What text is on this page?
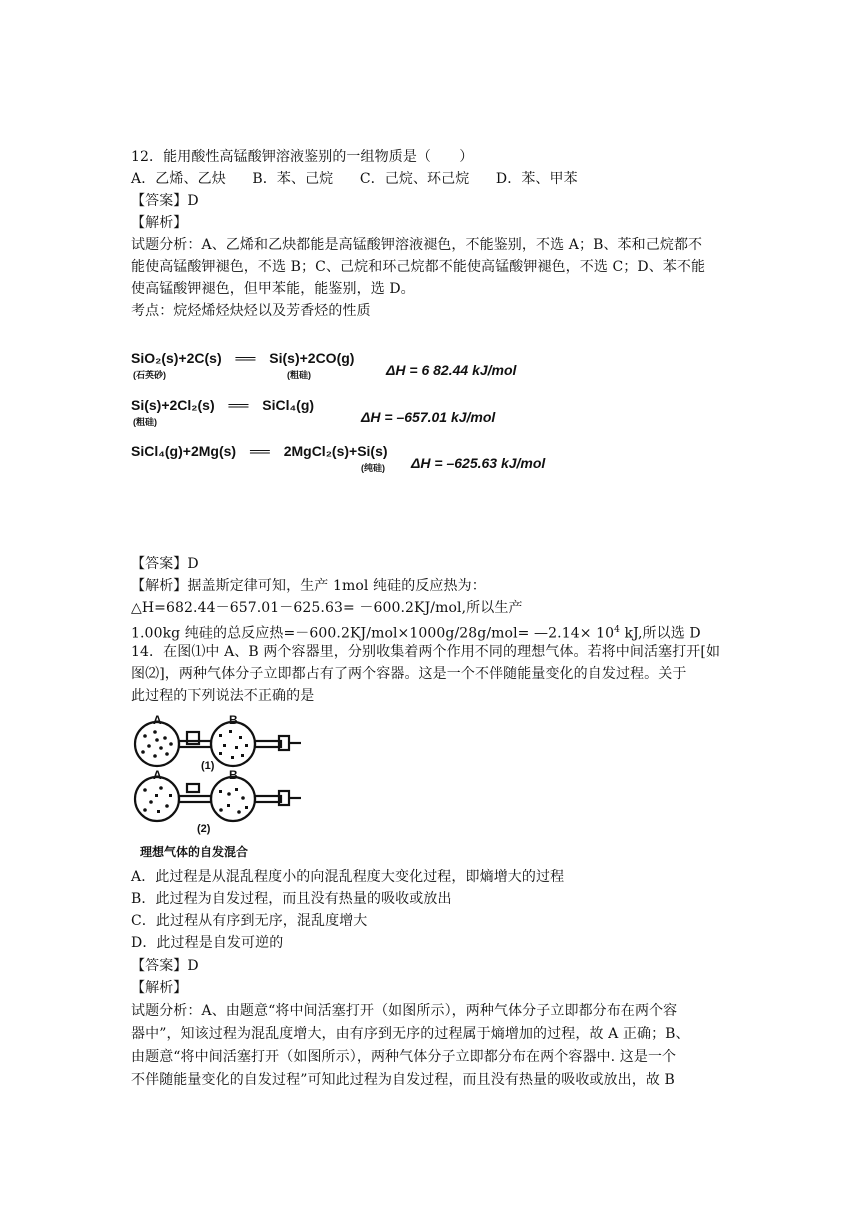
12．能用酸性高锰酸钾溶液鉴别的一组物质是（　　）
A．乙烯、乙炔 B．苯、己烷 C．己烷、环己烷 D．苯、甲苯
【答案】D
【解析】
试题分析：A、乙烯和乙炔都能是高锰酸钾溶液褪色，不能鉴别，不选 A；B、苯和己烷都不
能使高锰酸钾褪色，不选 B；C、己烷和环己烷都不能使高锰酸钾褪色，不选 C；D、苯不能
使高锰酸钾褪色，但甲苯能，能鉴别，选 D。
考点：烷烃烯烃炔烃以及芳香烃的性质
SiO₂(s)+2C(s) ══ Si(s)+2CO(g)
(石英砂)	(粗硅)	ΔH = 6 82.44 kJ/mol
Si(s)+2Cl₂(s) ══ SiCl₄(g)
(粗硅)	ΔH = –657.01 kJ/mol
SiCl₄(g)+2Mg(s) ══ 2MgCl₂(s)+Si(s)
(纯硅) ΔH = –625.63 kJ/mol
【答案】D
【解析】据盖斯定律可知，生产 1mol 纯硅的反应热为：
△Η=682.44－657.01－625.63= －600.2KJ/mol,所以生产
1.00kg 纯硅的总反应热=－600.2KJ/mol×1000g/28g/mol= —2.14× $10^4$ kJ,所以选 D
14．在图⑴中 A、B 两个容器里，分别收集着两个作用不同的理想气体。若将中间活塞打开[如
图⑵]，两种气体分子立即都占有了两个容器。这是一个不伴随能量变化的自发过程。关于
此过程的下列说法不正确的是
A	B
(1)
A	B
(2)
理想气体的自发混合
A．此过程是从混乱程度小的向混乱程度大变化过程，即熵增大的过程
B．此过程为自发过程，而且没有热量的吸收或放出
C．此过程从有序到无序，混乱度增大
D．此过程是自发可逆的
【答案】D
【解析】
试题分析：A、由题意“将中间活塞打开（如图所示），两种气体分子立即都分布在两个容
器中”，知该过程为混乱度增大，由有序到无序的过程属于熵增加的过程，故 A 正确；B、
由题意“将中间活塞打开（如图所示），两种气体分子立即都分布在两个容器中. 这是一个
不伴随能量变化的自发过程”可知此过程为自发过程，而且没有热量的吸收或放出，故 B
